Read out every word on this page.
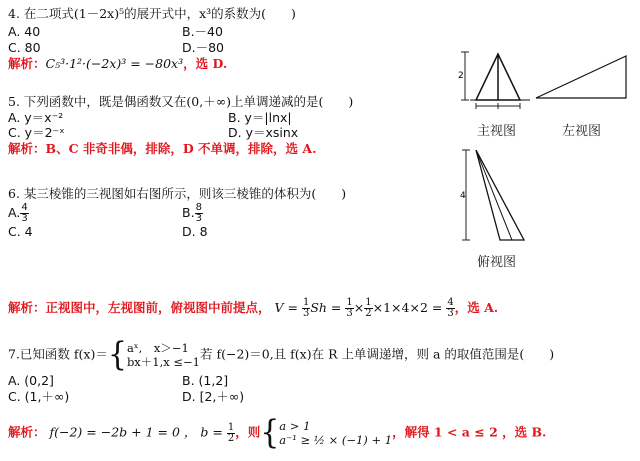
4. 在二项式(1－2x)⁵的展开式中，x³的系数为(　　)
A. 40	B.－40
C. 80	D.－80
解析：C₅³·1²·(−2x)³ = −80x³，选 D.
5. 下列函数中，既是偶函数又在(0,＋∞)上单调递减的是(　　)
A. y＝x⁻²	B. y＝|lnx|
C. y＝2⁻ˣ	D. y＝xsinx
解析：B、C 非奇非偶，排除，D 不单调，排除，选 A.
6. 某三棱锥的三视图如右图所示，则该三棱锥的体积为(　　)
A. $\frac{4}{3}$	B. $\frac{8}{3}$
C. 4	D. 8
解析：正视图中，左视图前，俯视图中前提点， $V = \frac{1}{3}$ $Sh = \frac{1}{3} \times \frac{1}{2} \times 1\times 4\times 2 = \frac{4}{3}$ ，选 A.
7.已知函数 f(x)＝{ aˣ,　x＞−1
bx＋1,x ≤−1
若 f(−2)＝0,且 f(x)在 R 上单调递增，则 a 的取值范围是(　　)
A. (0,2]	B. (1,2]
C. (1,＋∞)	D. [2,＋∞)
解析： f(−2) = −2b + 1 = 0 ， $b = \frac{1}{2}$ ，则{ a > 1
a⁻¹ ≥ ½ × (−1) + 1
，解得 1 < a ≤ 2 ，选 B.
2
主视图	左视图
4
俯视图
